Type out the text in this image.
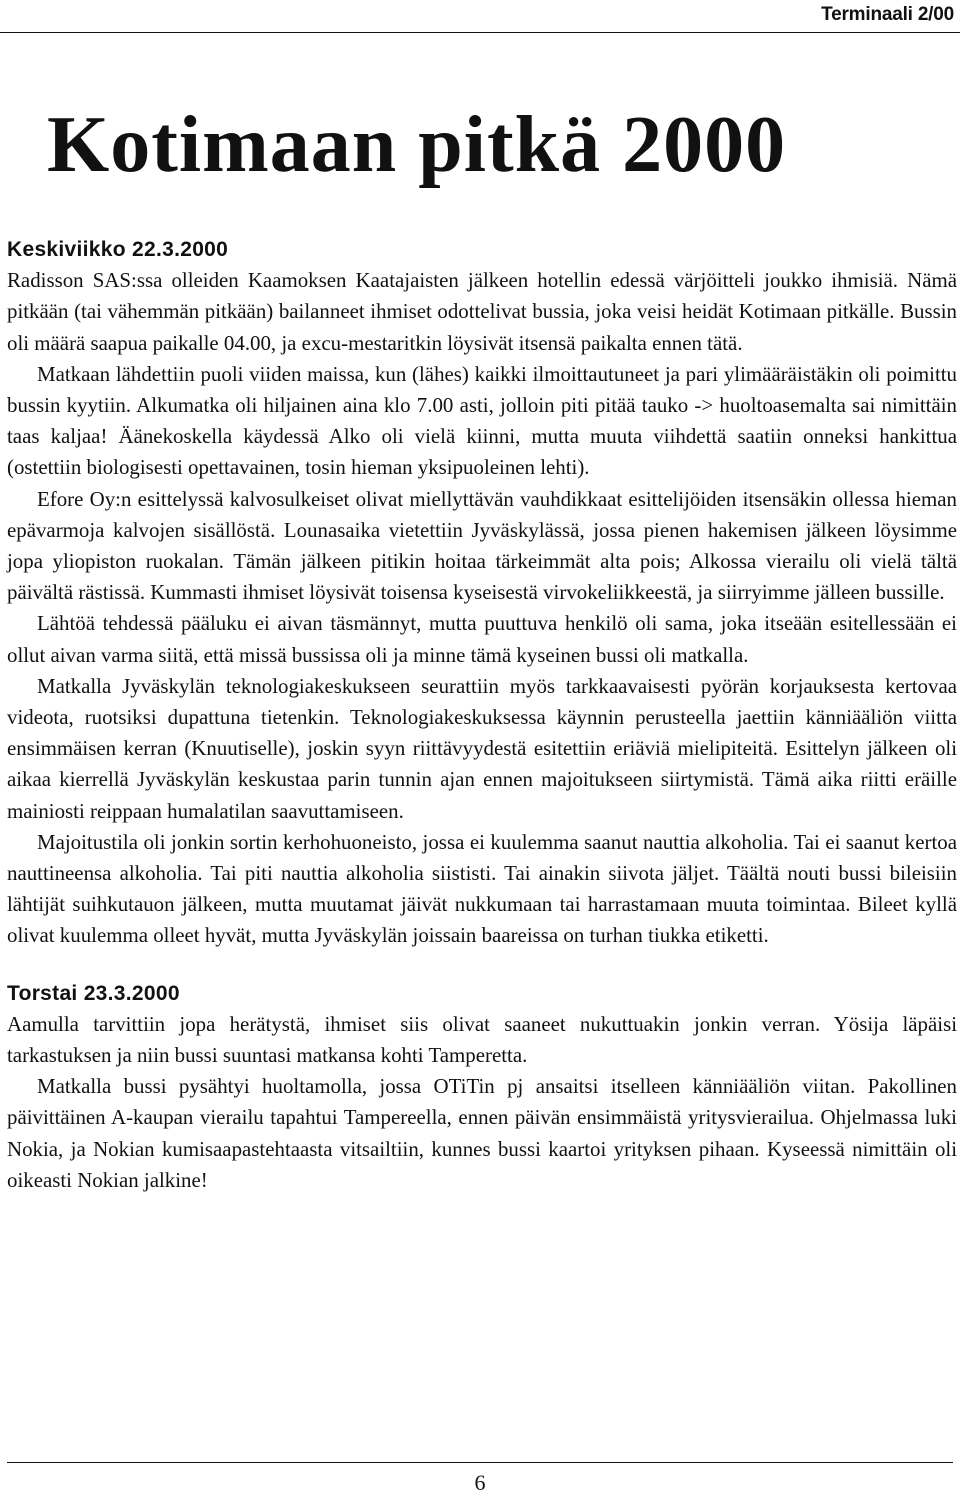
Terminaali 2/00
Kotimaan pitkä 2000

Keskiviikko 22.3.2000

Radisson SAS:ssa olleiden Kaamoksen Kaatajaisten jälkeen hotellin edessä värjöitteli joukko ihmisiä. Nämä pitkään (tai vähemmän pitkään) bailanneet ihmiset odottelivat bussia, joka veisi heidät Kotimaan pitkälle. Bussin oli määrä saapua paikalle 04.00, ja excu-mestaritkin löysivät itsensä paikalta ennen tätä.

Matkaan lähdettiin puoli viiden maissa, kun (lähes) kaikki ilmoittautuneet ja pari ylimääräistäkin oli poimittu bussin kyytiin. Alkumatka oli hiljainen aina klo 7.00 asti, jolloin piti pitää tauko -> huoltoasemalta sai nimittäin taas kaljaa! Äänekoskella käydessä Alko oli vielä kiinni, mutta muuta viihdettä saatiin onneksi hankittua (ostettiin biologisesti opettavainen, tosin hieman yksipuoleinen lehti).

Efore Oy:n esittelyssä kalvosulkeiset olivat miellyttävän vauhdikkaat esittelijöiden itsensäkin ollessa hieman epävarmoja kalvojen sisällöstä. Lounasaika vietettiin Jyväskylässä, jossa pienen hakemisen jälkeen löysimme jopa yliopiston ruokalan. Tämän jälkeen pitikin hoitaa tärkeimmät alta pois; Alkossa vierailu oli vielä tältä päivältä rästissä. Kummasti ihmiset löysivät toisensa kyseisestä virvokeliikkeestä, ja siirryimme jälleen bussille.

Lähtöä tehdessä pääluku ei aivan täsmännyt, mutta puuttuva henkilö oli sama, joka itseään esitellessään ei ollut aivan varma siitä, että missä bussissa oli ja minne tämä kyseinen bussi oli matkalla.

Matkalla Jyväskylän teknologiakeskukseen seurattiin myös tarkkaavaisesti pyörän korjauksesta kertovaa videota, ruotsiksi dupattuna tietenkin. Teknologiakeskuksessa käynnin perusteella jaettiin känniääliön viitta ensimmäisen kerran (Knuutiselle), joskin syyn riittävyydestä esitettiin eriäviä mielipiteitä. Esittelyn jälkeen oli aikaa kierrellä Jyväskylän keskustaa parin tunnin ajan ennen majoitukseen siirtymistä. Tämä aika riitti eräille mainiosti reippaan humalatilan saavuttamiseen.

Majoitustila oli jonkin sortin kerhohuoneisto, jossa ei kuulemma saanut nauttia alkoholia. Tai ei saanut kertoa nauttineensa alkoholia. Tai piti nauttia alkoholia siististi. Tai ainakin siivota jäljet. Täältä nouti bussi bileisiin lähtijät suihkutauon jälkeen, mutta muutamat jäivät nukkumaan tai harrastamaan muuta toimintaa. Bileet kyllä olivat kuulemma olleet hyvät, mutta Jyväskylän joissain baareissa on turhan tiukka etiketti.

Torstai 23.3.2000

Aamulla tarvittiin jopa herätystä, ihmiset siis olivat saaneet nukuttuakin jonkin verran. Yösija läpäisi tarkastuksen ja niin bussi suuntasi matkansa kohti Tamperetta.

Matkalla bussi pysähtyi huoltamolla, jossa OTiTin pj ansaitsi itselleen känniääliön viitan. Pakollinen päivittäinen A-kaupan vierailu tapahtui Tampereella, ennen päivän ensimmäistä yritysvierailua. Ohjelmassa luki Nokia, ja Nokian kumisaapastehtaasta vitsailtiin, kunnes bussi kaartoi yrityksen pihaan. Kyseessä nimittäin oli oikeasti Nokian jalkine!

6
